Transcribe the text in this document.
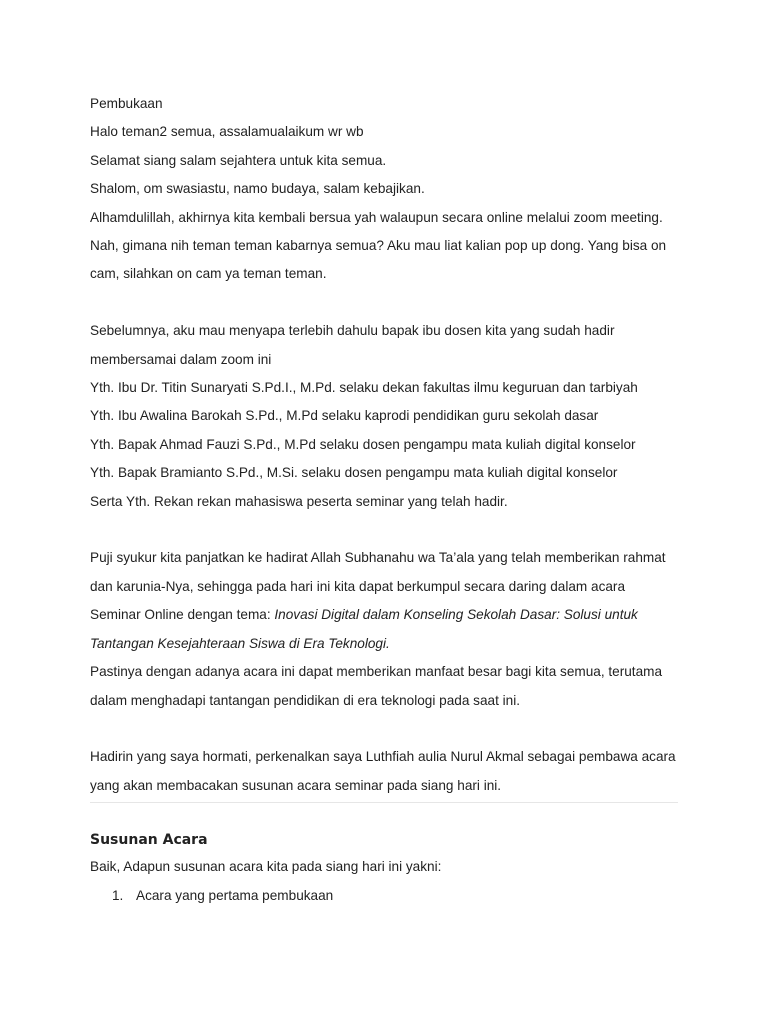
Pembukaan
Halo teman2 semua, assalamualaikum wr wb
Selamat siang salam sejahtera untuk kita semua.
Shalom, om swasiastu, namo budaya, salam kebajikan.
Alhamdulillah, akhirnya kita kembali bersua yah walaupun secara online melalui zoom meeting.
Nah, gimana nih teman teman kabarnya semua? Aku mau liat kalian pop up dong. Yang bisa on
cam, silahkan on cam ya teman teman.
Sebelumnya, aku mau menyapa terlebih dahulu bapak ibu dosen kita yang sudah hadir
membersamai dalam zoom ini
Yth. Ibu Dr. Titin Sunaryati S.Pd.I., M.Pd. selaku dekan fakultas ilmu keguruan dan tarbiyah
Yth. Ibu Awalina Barokah S.Pd., M.Pd selaku kaprodi pendidikan guru sekolah dasar
Yth. Bapak Ahmad Fauzi S.Pd., M.Pd selaku dosen pengampu mata kuliah digital konselor
Yth. Bapak Bramianto S.Pd., M.Si. selaku dosen pengampu mata kuliah digital konselor
Serta Yth. Rekan rekan mahasiswa peserta seminar yang telah hadir.
Puji syukur kita panjatkan ke hadirat Allah Subhanahu wa Ta’ala yang telah memberikan rahmat
dan karunia-Nya, sehingga pada hari ini kita dapat berkumpul secara daring dalam acara
Seminar Online dengan tema: Inovasi Digital dalam Konseling Sekolah Dasar: Solusi untuk
Tantangan Kesejahteraan Siswa di Era Teknologi.
Pastinya dengan adanya acara ini dapat memberikan manfaat besar bagi kita semua, terutama
dalam menghadapi tantangan pendidikan di era teknologi pada saat ini.
Hadirin yang saya hormati, perkenalkan saya Luthfiah aulia Nurul Akmal sebagai pembawa acara
yang akan membacakan susunan acara seminar pada siang hari ini.
Susunan Acara
Baik, Adapun susunan acara kita pada siang hari ini yakni:
1. Acara yang pertama pembukaan
